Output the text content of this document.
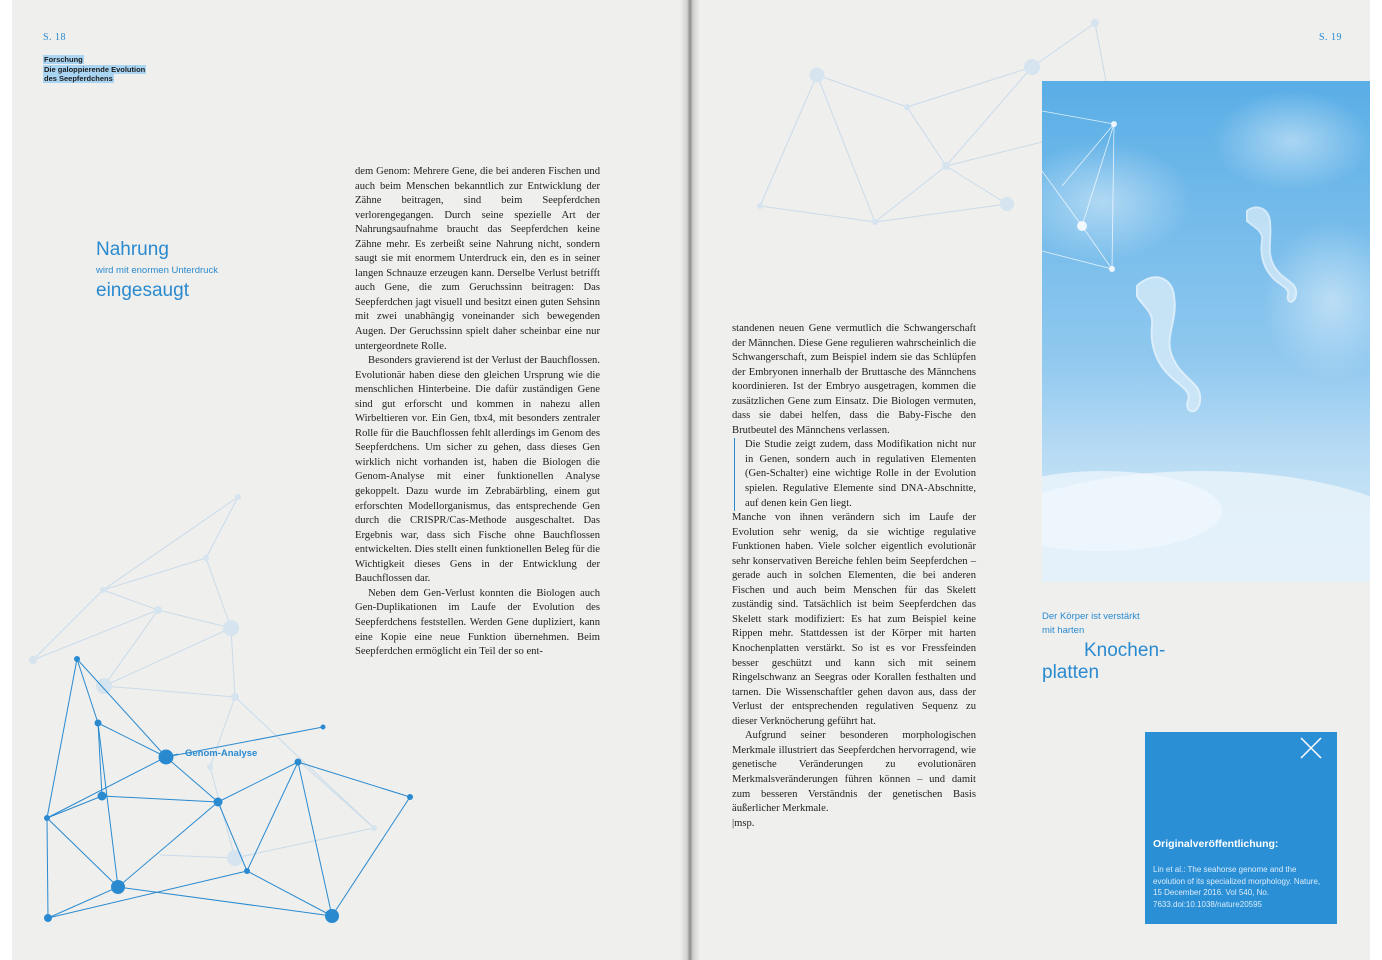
S. 18	S. 19
Forschung
Die galoppierende Evolution
des Seepferdchens
Nahrung
wird mit enormen Unterdruck
eingesaugt
Genom-Analyse

dem Genom: Mehrere Gene, die bei anderen Fischen und auch beim Menschen bekanntlich zur Entwicklung der Zähne beitragen, sind beim Seepferdchen verlorengegangen. Durch seine spezielle Art der Nahrungsaufnahme braucht das Seepferdchen keine Zähne mehr. Es zerbeißt seine Nahrung nicht, sondern saugt sie mit enormem Unterdruck ein, den es in seiner langen Schnauze erzeugen kann. Derselbe Verlust betrifft auch Gene, die zum Geruchssinn beitragen: Das Seepferdchen jagt visuell und besitzt einen guten Sehsinn mit zwei unabhängig voneinander sich bewegenden Augen. Der Geruchssinn spielt daher scheinbar eine nur untergeordnete Rolle.

Besonders gravierend ist der Verlust der Bauchflossen. Evolutionär haben diese den gleichen Ursprung wie die menschlichen Hinterbeine. Die dafür zuständigen Gene sind gut erforscht und kommen in nahezu allen Wirbeltieren vor. Ein Gen, tbx4, mit besonders zentraler Rolle für die Bauchflossen fehlt allerdings im Genom des Seepferdchens. Um sicher zu gehen, dass dieses Gen wirklich nicht vorhanden ist, haben die Biologen die Genom-Analyse mit einer funktionellen Analyse gekoppelt. Dazu wurde im Zebrabärbling, einem gut erforschten Modellorganismus, das entsprechende Gen durch die CRISPR/Cas-Methode ausgeschaltet. Das Ergebnis war, dass sich Fische ohne Bauchflossen entwickelten. Dies stellt einen funktionellen Beleg für die Wichtigkeit dieses Gens in der Entwicklung der Bauchflossen dar.

Neben dem Gen-Verlust konnten die Biologen auch Gen-Duplikationen im Laufe der Evolution des Seepferdchens feststellen. Werden Gene dupliziert, kann eine Kopie eine neue Funktion übernehmen. Beim Seepferdchen ermöglicht ein Teil der so ent-

standenen neuen Gene vermutlich die Schwangerschaft der Männchen. Diese Gene regulieren wahrscheinlich die Schwangerschaft, zum Beispiel indem sie das Schlüpfen der Embryonen innerhalb der Bruttasche des Männchens koordinieren. Ist der Embryo ausgetragen, kommen die zusätzlichen Gene zum Einsatz. Die Biologen vermuten, dass sie dabei helfen, dass die Baby-Fische den Brutbeutel des Männchens verlassen.

Die Studie zeigt zudem, dass Modifikation nicht nur in Genen, sondern auch in regulativen Elementen (Gen-Schalter) eine wichtige Rolle in der Evolution spielen. Regulative Elemente sind DNA-Abschnitte, auf denen kein Gen liegt.

Manche von ihnen verändern sich im Laufe der Evolution sehr wenig, da sie wichtige regulative Funktionen haben. Viele solcher eigentlich evolutionär sehr konservativen Bereiche fehlen beim Seepferdchen – gerade auch in solchen Elementen, die bei anderen Fischen und auch beim Menschen für das Skelett zuständig sind. Tatsächlich ist beim Seepferdchen das Skelett stark modifiziert: Es hat zum Beispiel keine Rippen mehr. Stattdessen ist der Körper mit harten Knochenplatten verstärkt. So ist es vor Fressfeinden besser geschützt und kann sich mit seinem Ringelschwanz an Seegras oder Korallen festhalten und tarnen. Die Wissenschaftler gehen davon aus, dass der Verlust der entsprechenden regulativen Sequenz zu dieser Verknöcherung geführt hat.

Aufgrund seiner besonderen morphologischen Merkmale illustriert das Seepferdchen hervorragend, wie genetische Veränderungen zu evolutionären Merkmalsveränderungen führen können – und damit zum besseren Verständnis der genetischen Basis äußerlicher Merkmale.

|msp.

Der Körper ist verstärkt
mit harten
Knochen-
platten
Originalveröffentlichung:
Lin et al.: The seahorse genome and the evolution of its specialized morphology. Nature, 15 December 2016. Vol 540, No. 7633.doi:10.1038/nature20595
